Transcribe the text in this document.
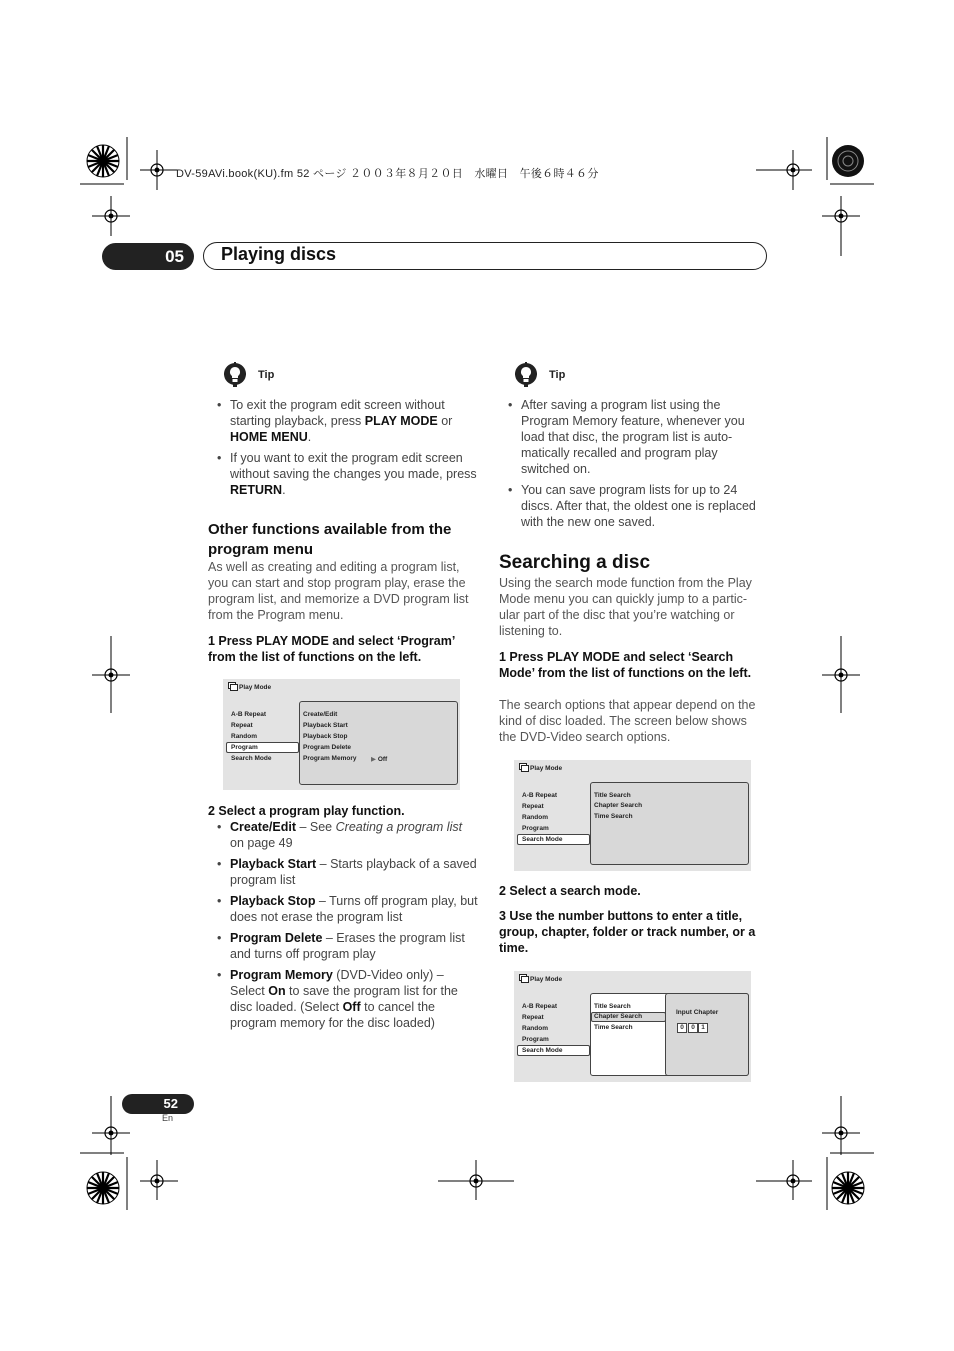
DV-59AVi.book(KU).fm 52 ページ ２００３年８月２０日　水曜日　午後６時４６分
05	Playing discs
Tip
• To exit the program edit screen without starting playback, press PLAY MODE or HOME MENU.
• If you want to exit the program edit screen without saving the changes you made, press RETURN.
Other functions available from the program menu

As well as creating and editing a program list, you can start and stop program play, erase the program list, and memorize a DVD program list from the Program menu.

1 Press PLAY MODE and select ‘Program’ from the list of functions on the left.

Play Mode
A-B Repeat
Repeat
Random
Program
Search Mode
Create/Edit
Playback Start
Playback Stop
Program Delete
Program Memory ▶ Off

2 Select a program play function.

• Create/Edit – See Creating a program list on page 49
• Playback Start – Starts playback of a saved program list
• Playback Stop – Turns off program play, but does not erase the program list
• Program Delete – Erases the program list and turns off program play
• Program Memory (DVD-Video only) – Select On to save the program list for the disc loaded. (Select Off to cancel the program memory for the disc loaded)
Tip
• After saving a program list using the Program Memory feature, whenever you load that disc, the program list is auto-matically recalled and program play switched on.
• You can save program lists for up to 24 discs. After that, the oldest one is replaced with the new one saved.
Searching a disc

Using the search mode function from the Play Mode menu you can quickly jump to a partic-ular part of the disc that you’re watching or listening to.

1 Press PLAY MODE and select ‘Search Mode’ from the list of functions on the left.

The search options that appear depend on the kind of disc loaded. The screen below shows the DVD-Video search options.

Play Mode
A-B Repeat
Repeat
Random
Program
Search Mode
Title Search
Chapter Search
Time Search

2 Select a search mode.

3 Use the number buttons to enter a title, group, chapter, folder or track number, or a time.

Play Mode
A-B Repeat
Repeat
Random
Program
Search Mode
Title Search
Chapter Search
Time Search
Input Chapter
0	0 1
52
En
